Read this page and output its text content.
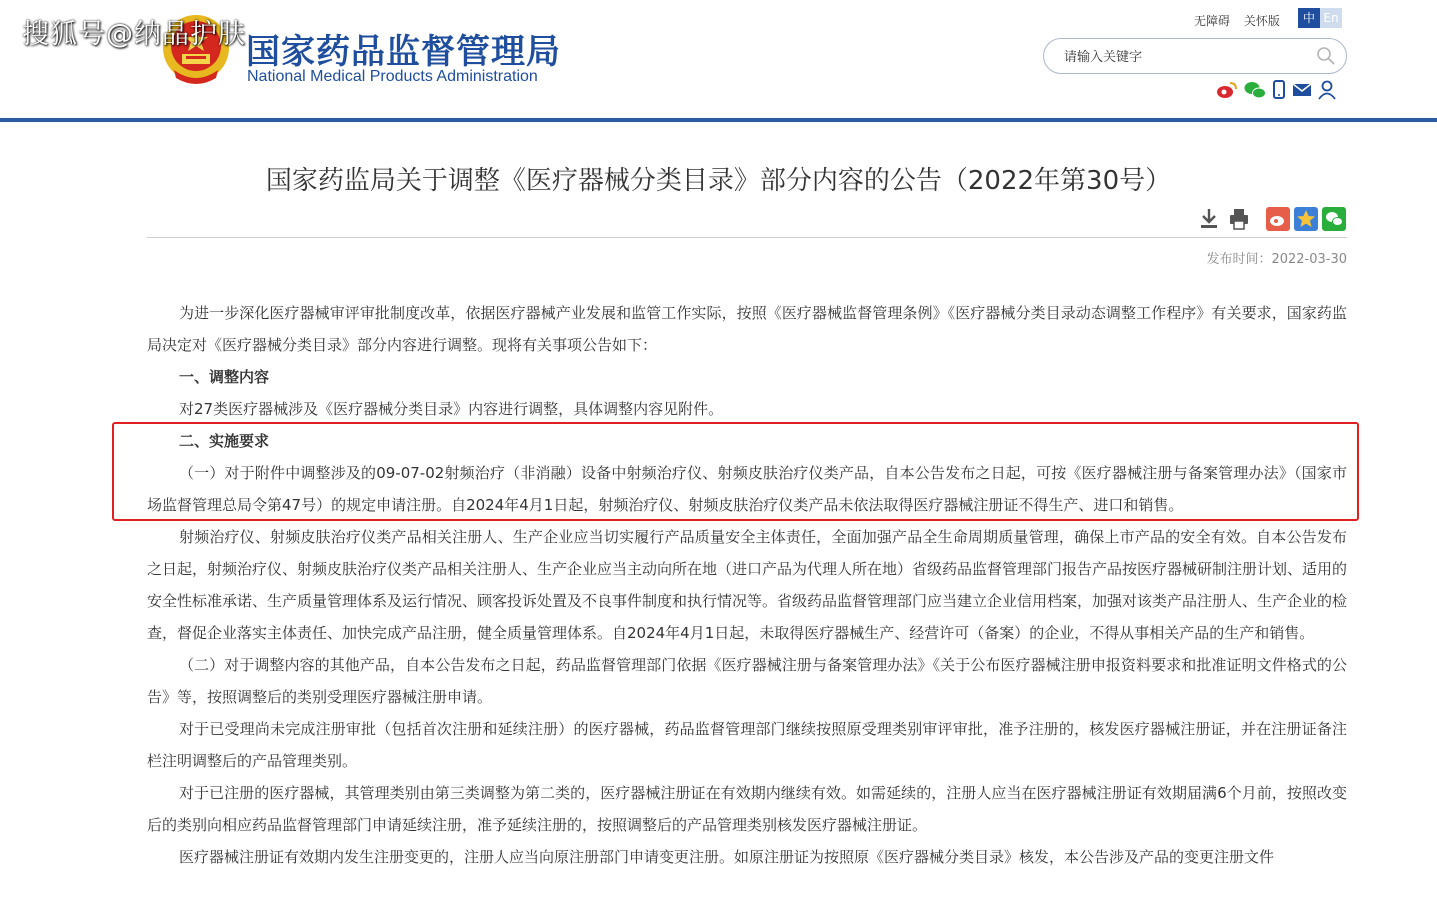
搜狐号@纳晶护肤 国家药品监督管理局
National Medical Products Administration
无障碍 关怀版	中 En
请输入关键字
国家药监局关于调整《医疗器械分类目录》部分内容的公告（2022年第30号）
发布时间：2022-03-30

为进一步深化医疗器械审评审批制度改革，依据医疗器械产业发展和监管工作实际，按照《医疗器械监督管理条例》《医疗器械分类目录动态调整工作程序》有关要求，国家药监局决定对《医疗器械分类目录》部分内容进行调整。现将有关事项公告如下：

一、调整内容

对27类医疗器械涉及《医疗器械分类目录》内容进行调整，具体调整内容见附件。

二、实施要求

（一）对于附件中调整涉及的09-07-02射频治疗（非消融）设备中射频治疗仪、射频皮肤治疗仪类产品，自本公告发布之日起，可按《医疗器械注册与备案管理办法》（国家市场监督管理总局令第47号）的规定申请注册。自2024年4月1日起，射频治疗仪、射频皮肤治疗仪类产品未依法取得医疗器械注册证不得生产、进口和销售。

射频治疗仪、射频皮肤治疗仪类产品相关注册人、生产企业应当切实履行产品质量安全主体责任，全面加强产品全生命周期质量管理，确保上市产品的安全有效。自本公告发布之日起，射频治疗仪、射频皮肤治疗仪类产品相关注册人、生产企业应当主动向所在地（进口产品为代理人所在地）省级药品监督管理部门报告产品按医疗器械研制注册计划、适用的安全性标准承诺、生产质量管理体系及运行情况、顾客投诉处置及不良事件制度和执行情况等。省级药品监督管理部门应当建立企业信用档案，加强对该类产品注册人、生产企业的检查，督促企业落实主体责任、加快完成产品注册，健全质量管理体系。自2024年4月1日起，未取得医疗器械生产、经营许可（备案）的企业，不得从事相关产品的生产和销售。

（二）对于调整内容的其他产品，自本公告发布之日起，药品监督管理部门依据《医疗器械注册与备案管理办法》《关于公布医疗器械注册申报资料要求和批准证明文件格式的公告》等，按照调整后的类别受理医疗器械注册申请。

对于已受理尚未完成注册审批（包括首次注册和延续注册）的医疗器械，药品监督管理部门继续按照原受理类别审评审批，准予注册的，核发医疗器械注册证，并在注册证备注栏注明调整后的产品管理类别。

对于已注册的医疗器械，其管理类别由第三类调整为第二类的，医疗器械注册证在有效期内继续有效。如需延续的，注册人应当在医疗器械注册证有效期届满6个月前，按照改变后的类别向相应药品监督管理部门申请延续注册，准予延续注册的，按照调整后的产品管理类别核发医疗器械注册证。

医疗器械注册证有效期内发生注册变更的，注册人应当向原注册部门申请变更注册。如原注册证为按照原《医疗器械分类目录》核发，本公告涉及产品的变更注册文件
